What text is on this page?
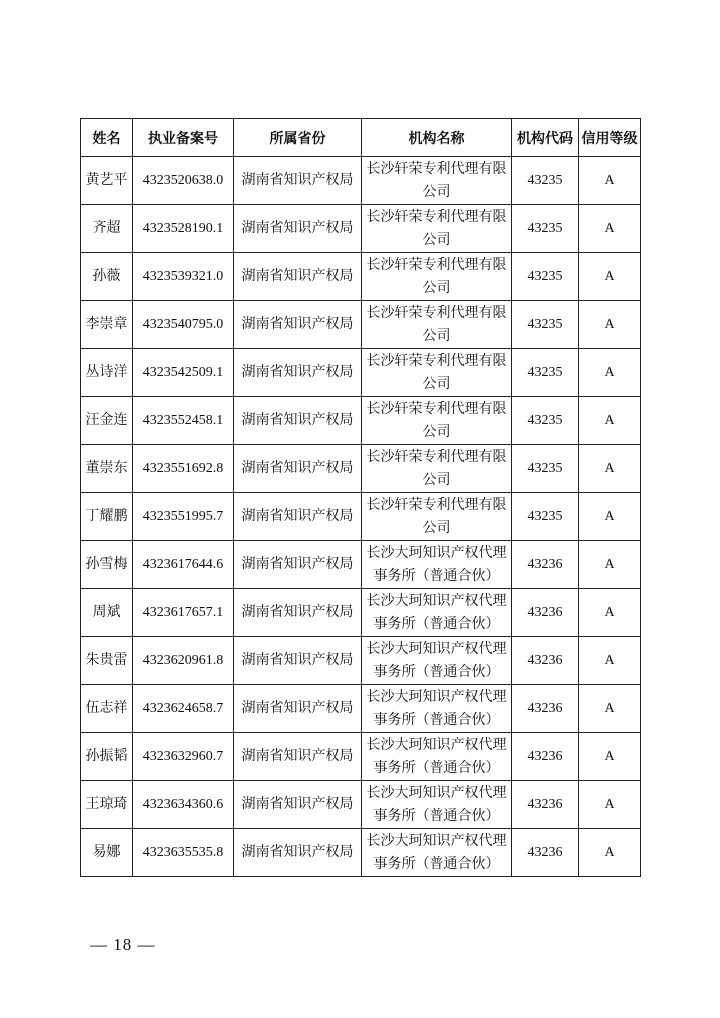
姓名	执业备案号	所属省份	机构名称	机构代码	信用等级
黄艺平	4323520638.0	湖南省知识产权局	长沙轩荣专利代理有限公司	43235	A
齐超	4323528190.1	湖南省知识产权局	长沙轩荣专利代理有限公司	43235	A
孙薇	4323539321.0	湖南省知识产权局	长沙轩荣专利代理有限公司	43235	A
李崇章	4323540795.0	湖南省知识产权局	长沙轩荣专利代理有限公司	43235	A
丛诗洋	4323542509.1	湖南省知识产权局	长沙轩荣专利代理有限公司	43235	A
汪金连	4323552458.1	湖南省知识产权局	长沙轩荣专利代理有限公司	43235	A
董崇东	4323551692.8	湖南省知识产权局	长沙轩荣专利代理有限公司	43235	A
丁耀鹏	4323551995.7	湖南省知识产权局	长沙轩荣专利代理有限公司	43235	A
孙雪梅	4323617644.6	湖南省知识产权局	长沙大珂知识产权代理事务所（普通合伙）	43236	A
周斌	4323617657.1	湖南省知识产权局	长沙大珂知识产权代理事务所（普通合伙）	43236	A
朱贵雷	4323620961.8	湖南省知识产权局	长沙大珂知识产权代理事务所（普通合伙）	43236	A
伍志祥	4323624658.7	湖南省知识产权局	长沙大珂知识产权代理事务所（普通合伙）	43236	A
孙振韬	4323632960.7	湖南省知识产权局	长沙大珂知识产权代理事务所（普通合伙）	43236	A
王琼琦	4323634360.6	湖南省知识产权局	长沙大珂知识产权代理事务所（普通合伙）	43236	A
易娜	4323635535.8	湖南省知识产权局	长沙大珂知识产权代理事务所（普通合伙）	43236	A
— 18 —
